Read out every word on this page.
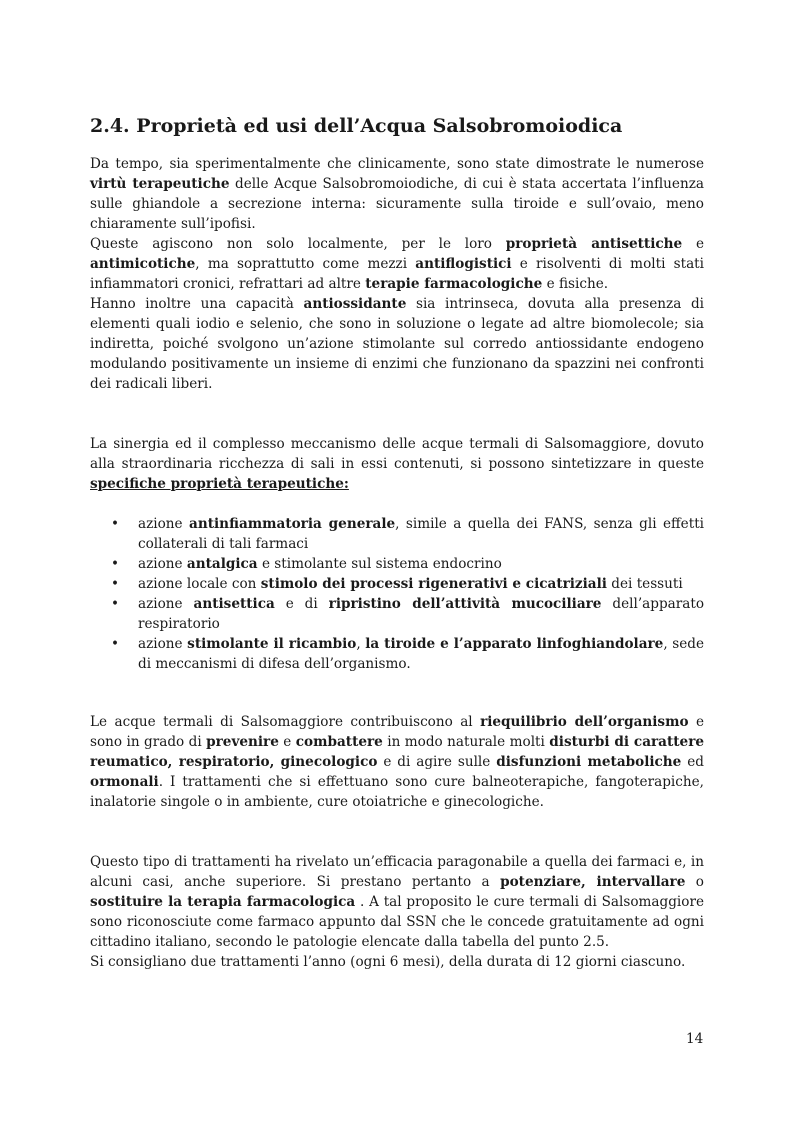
2.4. Proprietà ed usi dell’Acqua Salsobromoiodica

Da tempo, sia sperimentalmente che clinicamente, sono state dimostrate le numerose virtù terapeutiche delle Acque Salsobromoiodiche, di cui è stata accertata l’influenza sulle ghiandole a secrezione interna: sicuramente sulla tiroide e sull’ovaio, meno chiaramente sull’ipofisi.

Queste agiscono non solo localmente, per le loro proprietà antisettiche e antimicotiche, ma soprattutto come mezzi antiflogistici e risolventi di molti stati infiammatori cronici, refrattari ad altre terapie farmacologiche e fisiche.

Hanno inoltre una capacità antiossidante sia intrinseca, dovuta alla presenza di elementi quali iodio e selenio, che sono in soluzione o legate ad altre biomolecole; sia indiretta, poiché svolgono un’azione stimolante sul corredo antiossidante endogeno modulando positivamente un insieme di enzimi che funzionano da spazzini nei confronti dei radicali liberi.

La sinergia ed il complesso meccanismo delle acque termali di Salsomaggiore, dovuto alla straordinaria ricchezza di sali in essi contenuti, si possono sintetizzare in queste specifiche proprietà terapeutiche:

• azione antinfiammatoria generale, simile a quella dei FANS, senza gli effetti collaterali di tali farmaci
• azione antalgica e stimolante sul sistema endocrino
• azione locale con stimolo dei processi rigenerativi e cicatriziali dei tessuti
• azione antisettica e di ripristino dell’attività mucociliare dell’apparato respiratorio
• azione stimolante il ricambio, la tiroide e l’apparato linfoghiandolare, sede di meccanismi di difesa dell’organismo.

Le acque termali di Salsomaggiore contribuiscono al riequilibrio dell’organismo e sono in grado di prevenire e combattere in modo naturale molti disturbi di carattere reumatico, respiratorio, ginecologico e di agire sulle disfunzioni metaboliche ed ormonali. I trattamenti che si effettuano sono cure balneoterapiche, fangoterapiche, inalatorie singole o in ambiente, cure otoiatriche e ginecologiche.

Questo tipo di trattamenti ha rivelato un’efficacia paragonabile a quella dei farmaci e, in alcuni casi, anche superiore. Si prestano pertanto a potenziare, intervallare o sostituire la terapia farmacologica . A tal proposito le cure termali di Salsomaggiore sono riconosciute come farmaco appunto dal SSN che le concede gratuitamente ad ogni cittadino italiano, secondo le patologie elencate dalla tabella del punto 2.5.

Si consigliano due trattamenti l’anno (ogni 6 mesi), della durata di 12 giorni ciascuno.

14
